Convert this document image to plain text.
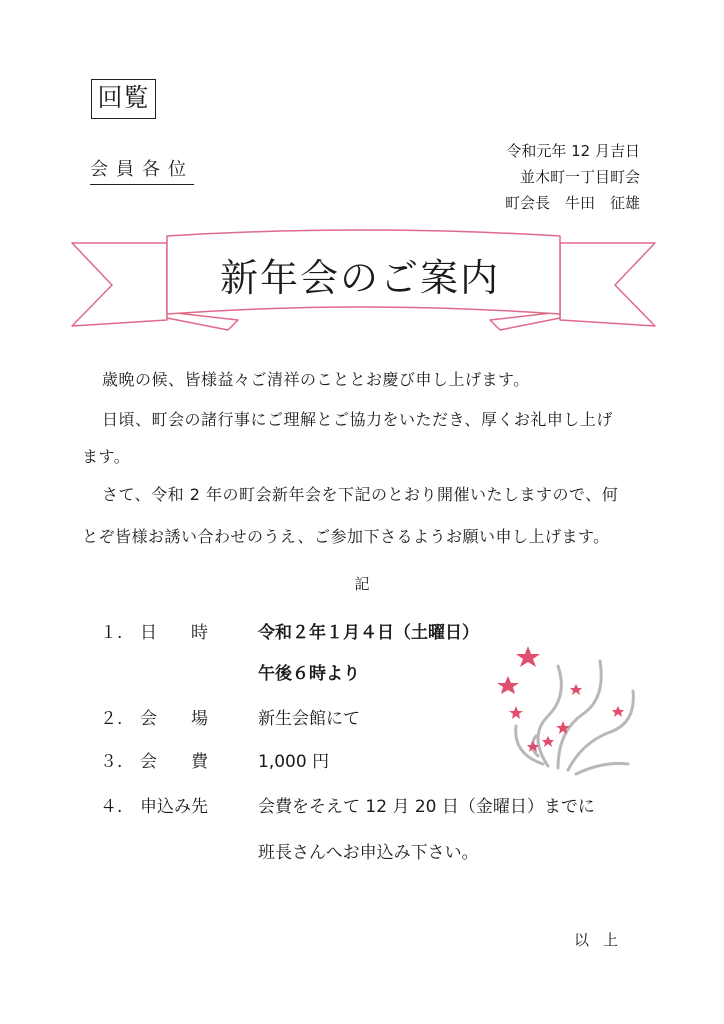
回覧
会員各位
令和元年 12 月吉日
並木町一丁目町会
町会長　牛田　征雄
新年会のご案内
歳晩の候、皆様益々ご清祥のこととお慶び申し上げます。
日頃、町会の諸行事にご理解とご協力をいただき、厚くお礼申し上げ
ます。
さて、令和 2 年の町会新年会を下記のとおり開催いたしますので、何
とぞ皆様お誘い合わせのうえ、ご参加下さるようお願い申し上げます。
記
１. 日　　時	令和２年１月４日（土曜日）
午後６時より
２. 会　　場	新生会館にて
３. 会　　費	1,000 円
４. 申込み先	会費をそえて 12 月 20 日（金曜日）までに
班長さんへお申込み下さい。
以上
